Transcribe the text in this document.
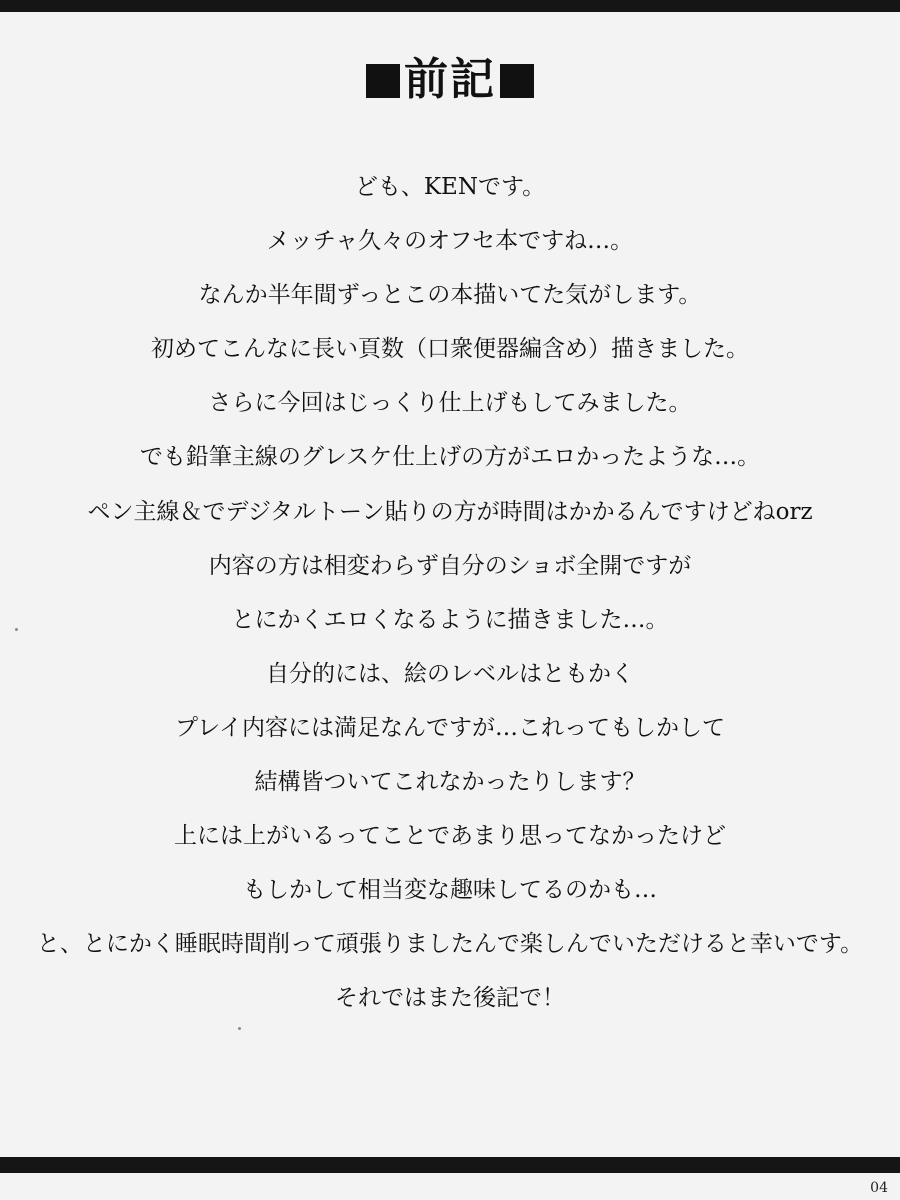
前記
ども、KENです。
メッチャ久々のオフセ本ですね…。
なんか半年間ずっとこの本描いてた気がします。
初めてこんなに長い頁数（口衆便器編含め）描きました。
さらに今回はじっくり仕上げもしてみました。
でも鉛筆主線のグレスケ仕上げの方がエロかったような…。
ペン主線＆でデジタルトーン貼りの方が時間はかかるんですけどねorz
内容の方は相変わらず自分のショボ全開ですが
とにかくエロくなるように描きました…。
自分的には、絵のレベルはともかく
プレイ内容には満足なんですが…これってもしかして
結構皆ついてこれなかったりします？
上には上がいるってことであまり思ってなかったけど
もしかして相当変な趣味してるのかも…
と、とにかく睡眠時間削って頑張りましたんで楽しんでいただけると幸いです。
それではまた後記で！
04
